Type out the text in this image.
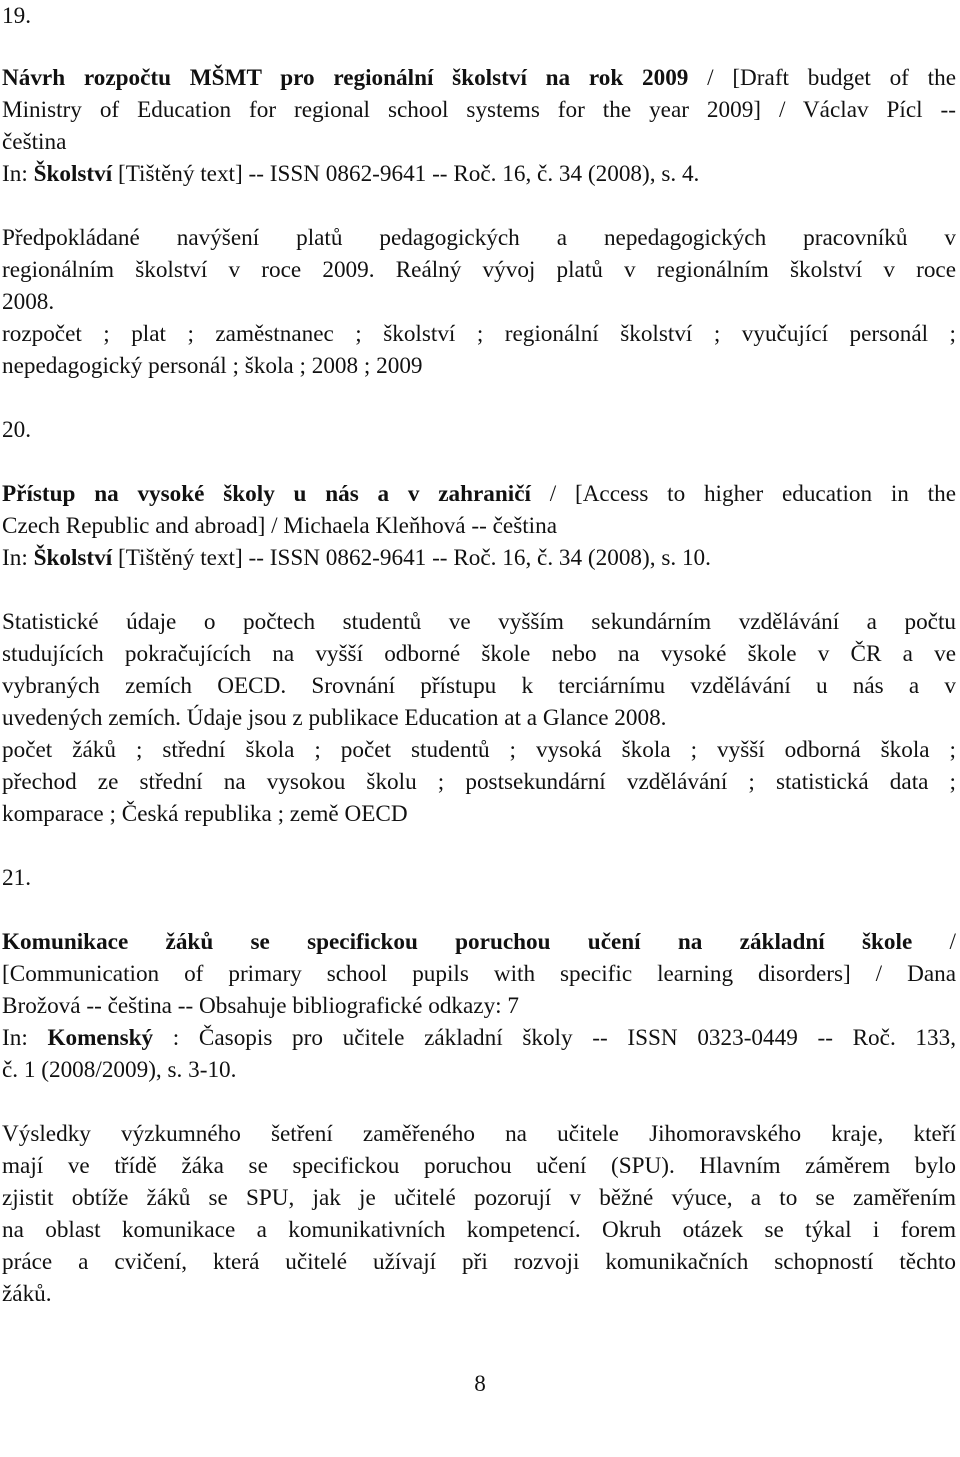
19.
Návrh rozpočtu MŠMT pro regionální školství na rok 2009 / [Draft budget of the
Ministry of Education for regional school systems for the year 2009] / Václav Pícl --
čeština
In: Školství [Tištěný text] -- ISSN 0862-9641 -- Roč. 16, č. 34 (2008), s. 4.
Předpokládané navýšení platů pedagogických a nepedagogických pracovníků v
regionálním školství v roce 2009. Reálný vývoj platů v regionálním školství v roce
2008.
rozpočet ; plat ; zaměstnanec ; školství ; regionální školství ; vyučující personál ;
nepedagogický personál ; škola ; 2008 ; 2009
20.
Přístup na vysoké školy u nás a v zahraničí / [Access to higher education in the
Czech Republic and abroad] / Michaela Kleňhová -- čeština
In: Školství [Tištěný text] -- ISSN 0862-9641 -- Roč. 16, č. 34 (2008), s. 10.
Statistické údaje o počtech studentů ve vyšším sekundárním vzdělávání a počtu
studujících pokračujících na vyšší odborné škole nebo na vysoké škole v ČR a ve
vybraných zemích OECD. Srovnání přístupu k terciárnímu vzdělávání u nás a v
uvedených zemích. Údaje jsou z publikace Education at a Glance 2008.
počet žáků ; střední škola ; počet studentů ; vysoká škola ; vyšší odborná škola ;
přechod ze střední na vysokou školu ; postsekundární vzdělávání ; statistická data ;
komparace ; Česká republika ; země OECD
21.
Komunikace žáků se specifickou poruchou učení na základní škole /
[Communication of primary school pupils with specific learning disorders] / Dana
Brožová -- čeština -- Obsahuje bibliografické odkazy: 7
In: Komenský : Časopis pro učitele základní školy -- ISSN 0323-0449 -- Roč. 133,
č. 1 (2008/2009), s. 3-10.
Výsledky výzkumného šetření zaměřeného na učitele Jihomoravského kraje, kteří
mají ve třídě žáka se specifickou poruchou učení (SPU). Hlavním záměrem bylo
zjistit obtíže žáků se SPU, jak je učitelé pozorují v běžné výuce, a to se zaměřením
na oblast komunikace a komunikativních kompetencí. Okruh otázek se týkal i forem
práce a cvičení, která učitelé užívají při rozvoji komunikačních schopností těchto
žáků.
8
